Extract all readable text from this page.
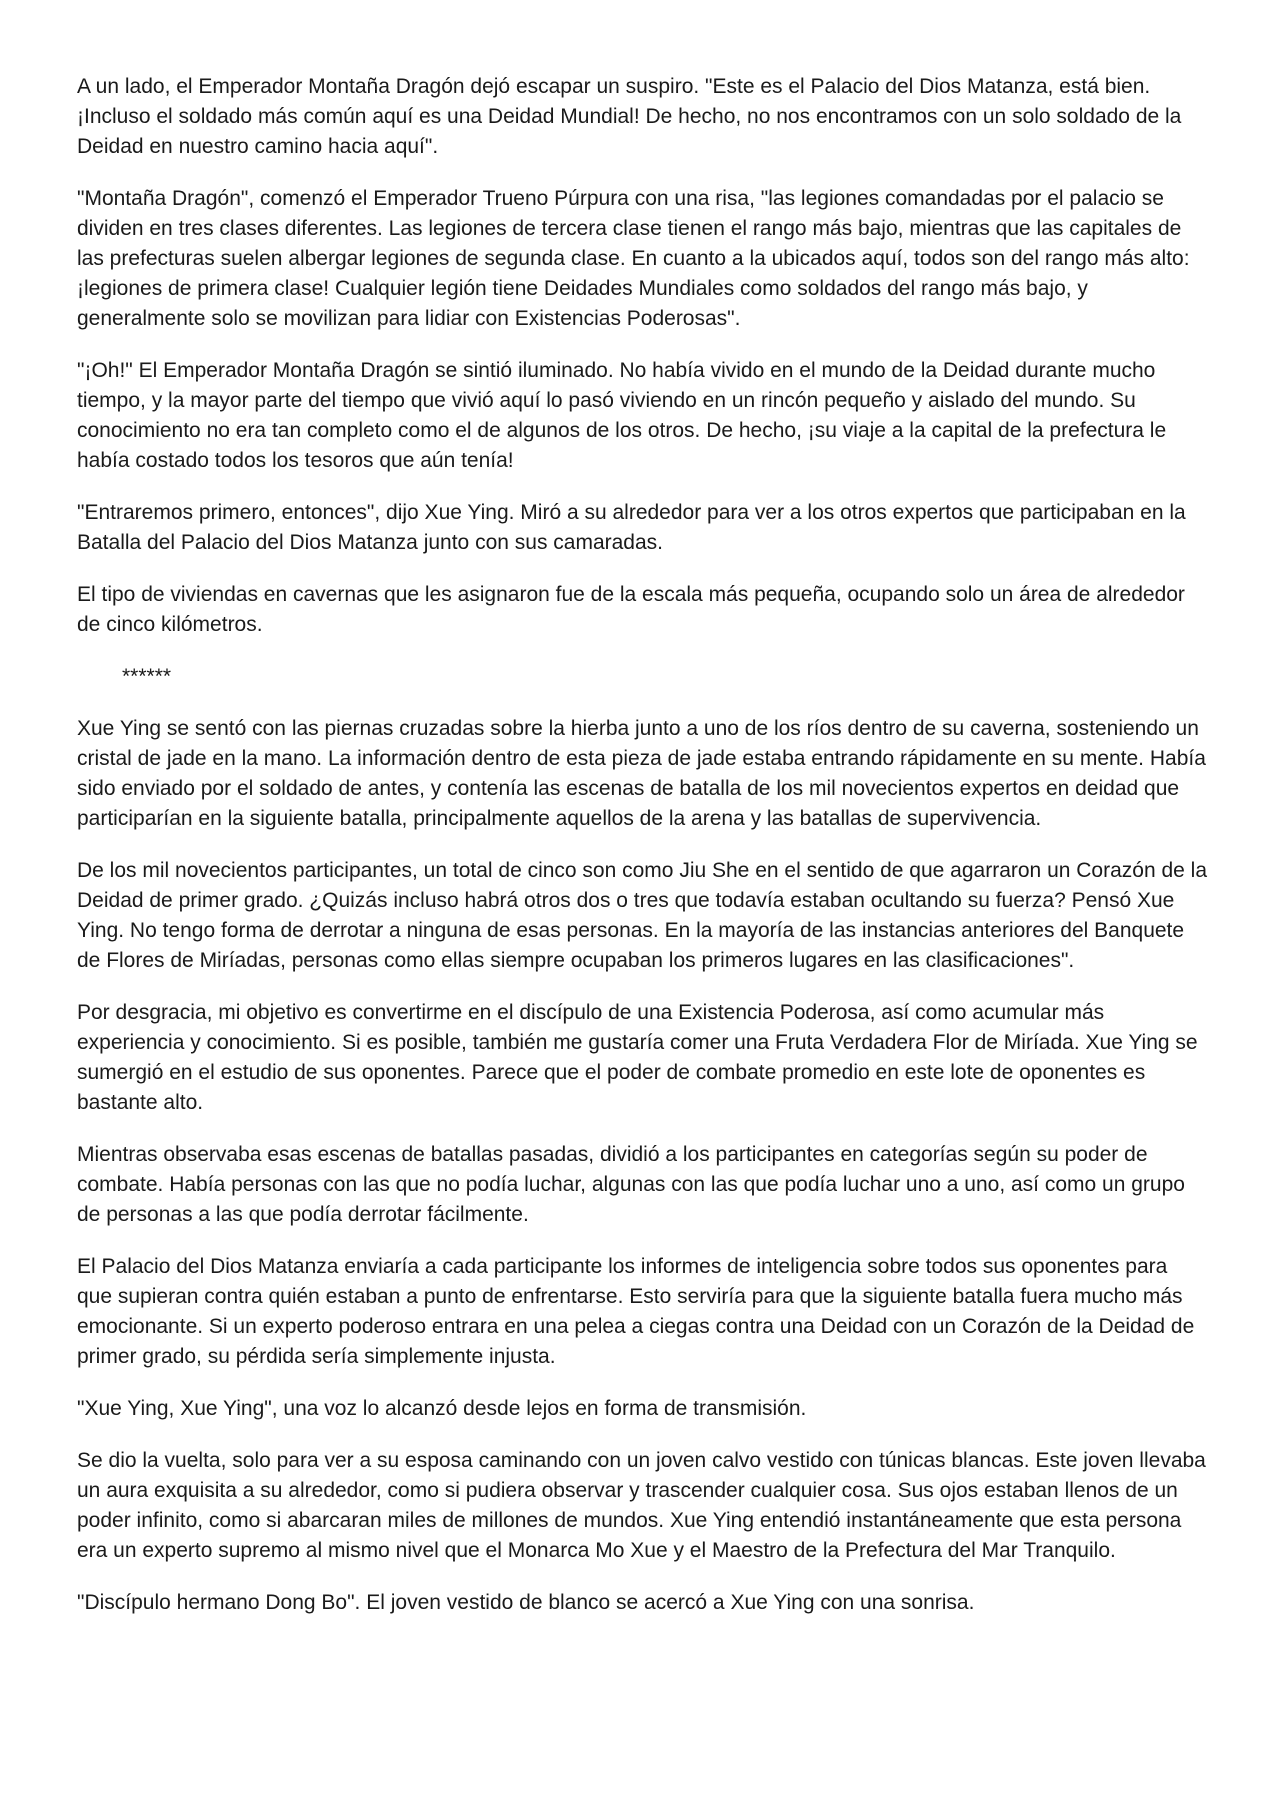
A un lado, el Emperador Montaña Dragón dejó escapar un suspiro. "Este es el Palacio del Dios Matanza, está bien. ¡Incluso el soldado más común aquí es una Deidad Mundial! De hecho, no nos encontramos con un solo soldado de la Deidad en nuestro camino hacia aquí".

"Montaña Dragón", comenzó el Emperador Trueno Púrpura con una risa, "las legiones comandadas por el palacio se dividen en tres clases diferentes. Las legiones de tercera clase tienen el rango más bajo, mientras que las capitales de las prefecturas suelen albergar legiones de segunda clase. En cuanto a la ubicados aquí, todos son del rango más alto: ¡legiones de primera clase! Cualquier legión tiene Deidades Mundiales como soldados del rango más bajo, y generalmente solo se movilizan para lidiar con Existencias Poderosas".

"¡Oh!" El Emperador Montaña Dragón se sintió iluminado. No había vivido en el mundo de la Deidad durante mucho tiempo, y la mayor parte del tiempo que vivió aquí lo pasó viviendo en un rincón pequeño y aislado del mundo. Su conocimiento no era tan completo como el de algunos de los otros. De hecho, ¡su viaje a la capital de la prefectura le había costado todos los tesoros que aún tenía!

"Entraremos primero, entonces", dijo Xue Ying. Miró a su alrededor para ver a los otros expertos que participaban en la Batalla del Palacio del Dios Matanza junto con sus camaradas.

El tipo de viviendas en cavernas que les asignaron fue de la escala más pequeña, ocupando solo un área de alrededor de cinco kilómetros.

******

Xue Ying se sentó con las piernas cruzadas sobre la hierba junto a uno de los ríos dentro de su caverna, sosteniendo un cristal de jade en la mano. La información dentro de esta pieza de jade estaba entrando rápidamente en su mente. Había sido enviado por el soldado de antes, y contenía las escenas de batalla de los mil novecientos expertos en deidad que participarían en la siguiente batalla, principalmente aquellos de la arena y las batallas de supervivencia.

De los mil novecientos participantes, un total de cinco son como Jiu She en el sentido de que agarraron un Corazón de la Deidad de primer grado. ¿Quizás incluso habrá otros dos o tres que todavía estaban ocultando su fuerza? Pensó Xue Ying. No tengo forma de derrotar a ninguna de esas personas. En la mayoría de las instancias anteriores del Banquete de Flores de Miríadas, personas como ellas siempre ocupaban los primeros lugares en las clasificaciones".

Por desgracia, mi objetivo es convertirme en el discípulo de una Existencia Poderosa, así como acumular más experiencia y conocimiento. Si es posible, también me gustaría comer una Fruta Verdadera Flor de Miríada. Xue Ying se sumergió en el estudio de sus oponentes. Parece que el poder de combate promedio en este lote de oponentes es bastante alto.

Mientras observaba esas escenas de batallas pasadas, dividió a los participantes en categorías según su poder de combate. Había personas con las que no podía luchar, algunas con las que podía luchar uno a uno, así como un grupo de personas a las que podía derrotar fácilmente.

El Palacio del Dios Matanza enviaría a cada participante los informes de inteligencia sobre todos sus oponentes para que supieran contra quién estaban a punto de enfrentarse. Esto serviría para que la siguiente batalla fuera mucho más emocionante. Si un experto poderoso entrara en una pelea a ciegas contra una Deidad con un Corazón de la Deidad de primer grado, su pérdida sería simplemente injusta.

"Xue Ying, Xue Ying", una voz lo alcanzó desde lejos en forma de transmisión.

Se dio la vuelta, solo para ver a su esposa caminando con un joven calvo vestido con túnicas blancas. Este joven llevaba un aura exquisita a su alrededor, como si pudiera observar y trascender cualquier cosa. Sus ojos estaban llenos de un poder infinito, como si abarcaran miles de millones de mundos. Xue Ying entendió instantáneamente que esta persona era un experto supremo al mismo nivel que el Monarca Mo Xue y el Maestro de la Prefectura del Mar Tranquilo.

"Discípulo hermano Dong Bo". El joven vestido de blanco se acercó a Xue Ying con una sonrisa.
